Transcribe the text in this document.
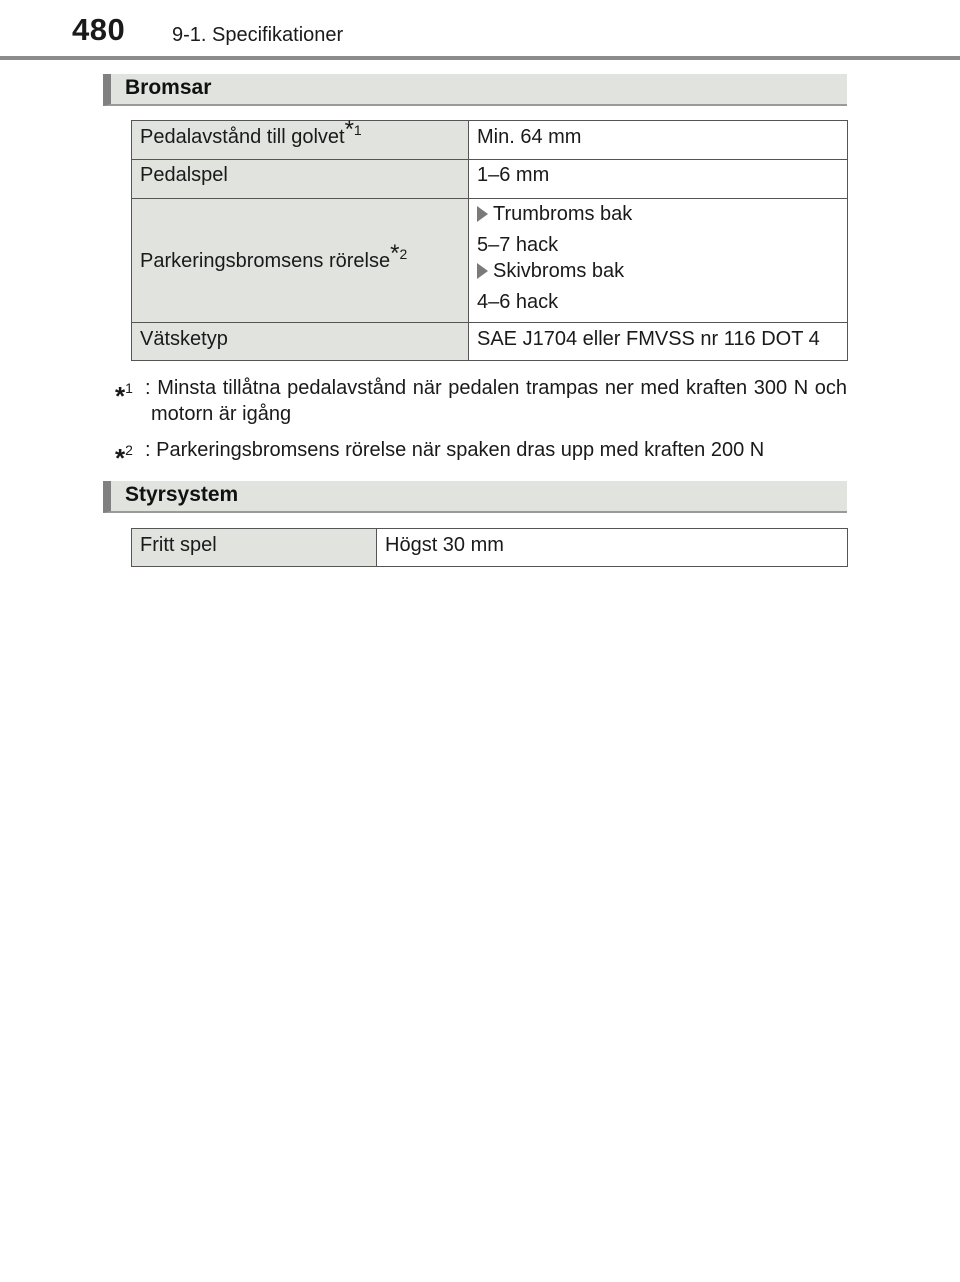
480 9-1. Specifikationer
Bromsar
Pedalavstånd till golvet$^{*1}$	Min. 64 mm
Pedalspel	1–6 mm
Parkeringsbromsens rörelse$^{*2}$	Trumbroms bak
5–7 hack
Skivbroms bak
4–6 hack

Vätsketyp	SAE J1704 eller FMVSS nr 116 DOT 4
*$^1$ : Minsta tillåtna pedalavstånd när pedalen trampas ner med kraften 300 N och motorn är igång
*$^2$ : Parkeringsbromsens rörelse när spaken dras upp med kraften 200 N
Styrsystem
Fritt spel	Högst 30 mm
